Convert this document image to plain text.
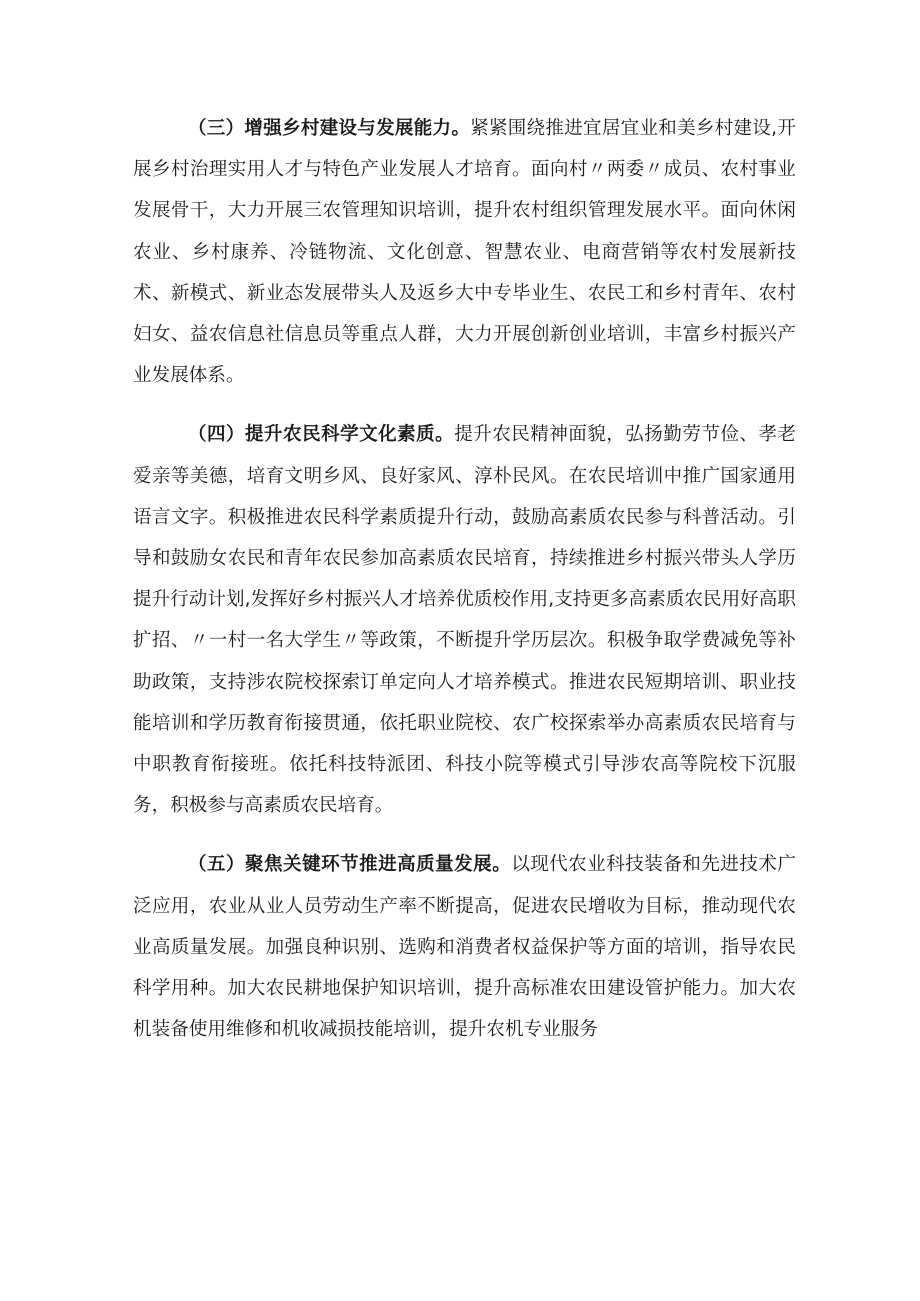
（三）增强乡村建设与发展能力。紧紧围绕推进宜居宜业和美乡村建设,开展乡村治理实用人才与特色产业发展人才培育。面向村〃两委〃成员、农村事业发展骨干，大力开展三农管理知识培训，提升农村组织管理发展水平。面向休闲农业、乡村康养、冷链物流、文化创意、智慧农业、电商营销等农村发展新技术、新模式、新业态发展带头人及返乡大中专毕业生、农民工和乡村青年、农村妇女、益农信息社信息员等重点人群，大力开展创新创业培训，丰富乡村振兴产业发展体系。

（四）提升农民科学文化素质。提升农民精神面貌，弘扬勤劳节俭、孝老爱亲等美德，培育文明乡风、良好家风、淳朴民风。在农民培训中推广国家通用语言文字。积极推进农民科学素质提升行动，鼓励高素质农民参与科普活动。引导和鼓励女农民和青年农民参加高素质农民培育，持续推进乡村振兴带头人学历提升行动计划,发挥好乡村振兴人才培养优质校作用,支持更多高素质农民用好高职扩招、〃一村一名大学生〃等政策，不断提升学历层次。积极争取学费减免等补助政策，支持涉农院校探索订单定向人才培养模式。推进农民短期培训、职业技能培训和学历教育衔接贯通，依托职业院校、农广校探索举办高素质农民培育与中职教育衔接班。依托科技特派团、科技小院等模式引导涉农高等院校下沉服务，积极参与高素质农民培育。

（五）聚焦关键环节推进高质量发展。以现代农业科技装备和先进技术广泛应用，农业从业人员劳动生产率不断提高，促进农民增收为目标，推动现代农业高质量发展。加强良种识别、选购和消费者权益保护等方面的培训，指导农民科学用种。加大农民耕地保护知识培训，提升高标准农田建设管护能力。加大农机装备使用维修和机收减损技能培训，提升农机专业服务
